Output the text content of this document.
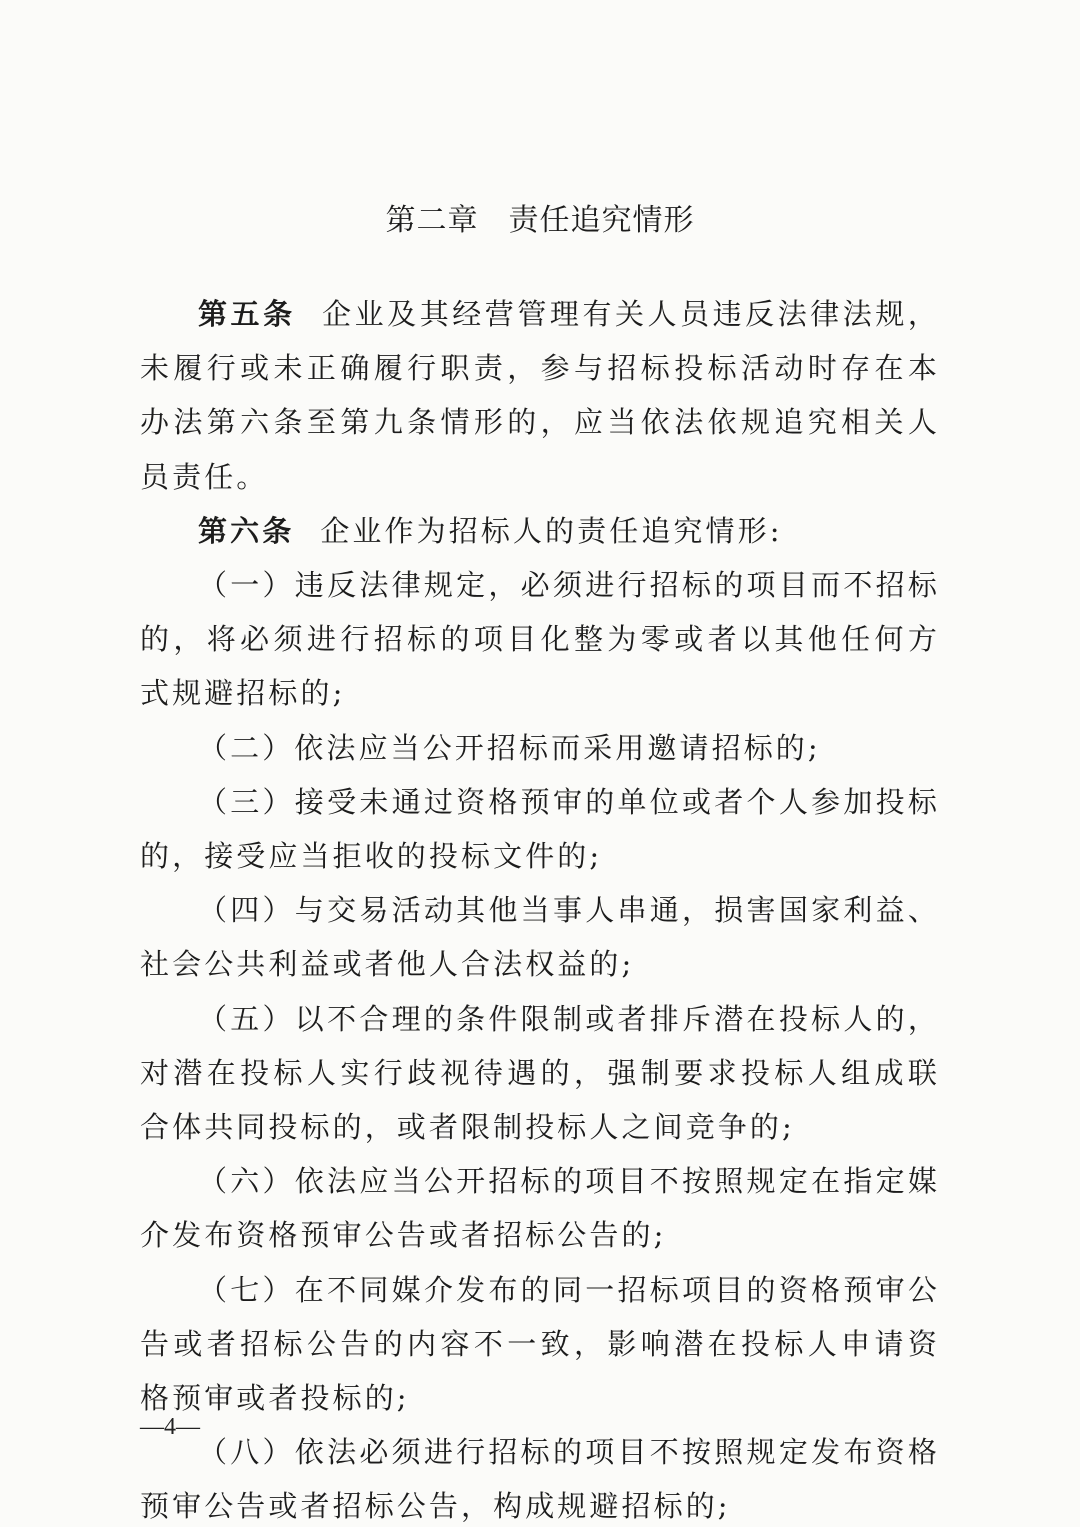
第二章 责任追究情形

第五条 企业及其经营管理有关人员违反法律法规，未履行或未正确履行职责，参与招标投标活动时存在本办法第六条至第九条情形的，应当依法依规追究相关人员责任。

第六条 企业作为招标人的责任追究情形:

（一）违反法律规定，必须进行招标的项目而不招标的，将必须进行招标的项目化整为零或者以其他任何方式规避招标的;

（二）依法应当公开招标而采用邀请招标的;

（三）接受未通过资格预审的单位或者个人参加投标的，接受应当拒收的投标文件的;

（四）与交易活动其他当事人串通，损害国家利益、社会公共利益或者他人合法权益的;

（五）以不合理的条件限制或者排斥潜在投标人的，对潜在投标人实行歧视待遇的，强制要求投标人组成联合体共同投标的，或者限制投标人之间竞争的;

（六）依法应当公开招标的项目不按照规定在指定媒介发布资格预审公告或者招标公告的;

（七）在不同媒介发布的同一招标项目的资格预审公告或者招标公告的内容不一致，影响潜在投标人申请资格预审或者投标的;

（八）依法必须进行招标的项目不按照规定发布资格预审公告或者招标公告，构成规避招标的;

—4—
